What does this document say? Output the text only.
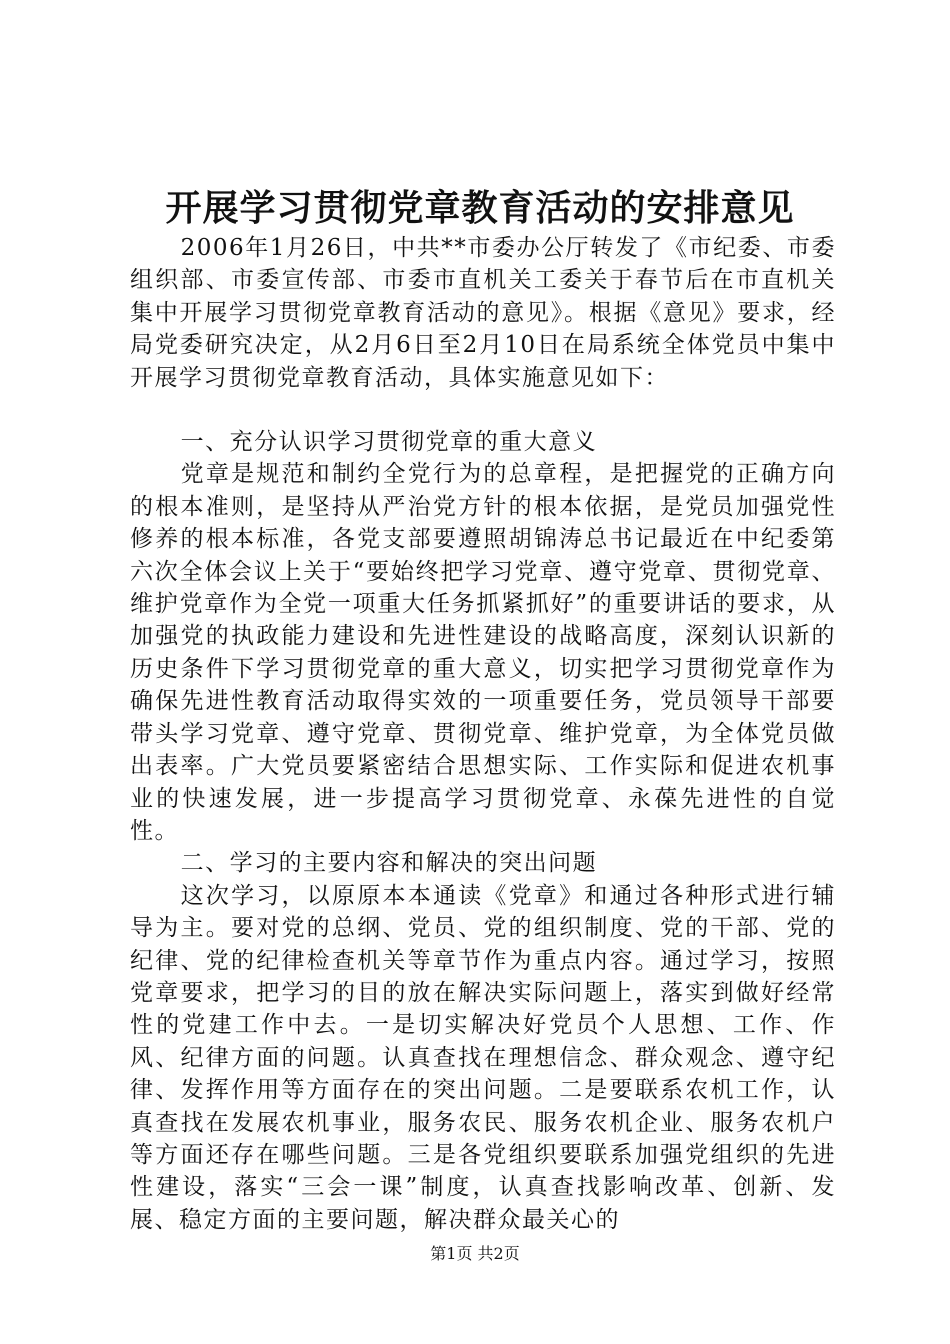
开展学习贯彻党章教育活动的安排意见

2006年1月26日，中共**市委办公厅转发了《市纪委、市委组织部、市委宣传部、市委市直机关工委关于春节后在市直机关集中开展学习贯彻党章教育活动的意见》。根据《意见》要求，经局党委研究决定，从2月6日至2月10日在局系统全体党员中集中开展学习贯彻党章教育活动，具体实施意见如下：

一、充分认识学习贯彻党章的重大意义

党章是规范和制约全党行为的总章程，是把握党的正确方向的根本准则，是坚持从严治党方针的根本依据，是党员加强党性修养的根本标准，各党支部要遵照胡锦涛总书记最近在中纪委第六次全体会议上关于“要始终把学习党章、遵守党章、贯彻党章、维护党章作为全党一项重大任务抓紧抓好”的重要讲话的要求，从加强党的执政能力建设和先进性建设的战略高度，深刻认识新的历史条件下学习贯彻党章的重大意义，切实把学习贯彻党章作为确保先进性教育活动取得实效的一项重要任务，党员领导干部要带头学习党章、遵守党章、贯彻党章、维护党章，为全体党员做出表率。广大党员要紧密结合思想实际、工作实际和促进农机事业的快速发展，进一步提高学习贯彻党章、永葆先进性的自觉性。

二、学习的主要内容和解决的突出问题

这次学习，以原原本本通读《党章》和通过各种形式进行辅导为主。要对党的总纲、党员、党的组织制度、党的干部、党的纪律、党的纪律检查机关等章节作为重点内容。通过学习，按照党章要求，把学习的目的放在解决实际问题上，落实到做好经常性的党建工作中去。一是切实解决好党员个人思想、工作、作风、纪律方面的问题。认真查找在理想信念、群众观念、遵守纪律、发挥作用等方面存在的突出问题。二是要联系农机工作，认真查找在发展农机事业，服务农民、服务农机企业、服务农机户等方面还存在哪些问题。三是各党组织要联系加强党组织的先进性建设，落实“三会一课”制度，认真查找影响改革、创新、发展、稳定方面的主要问题，解决群众最关心的

第1页 共2页
